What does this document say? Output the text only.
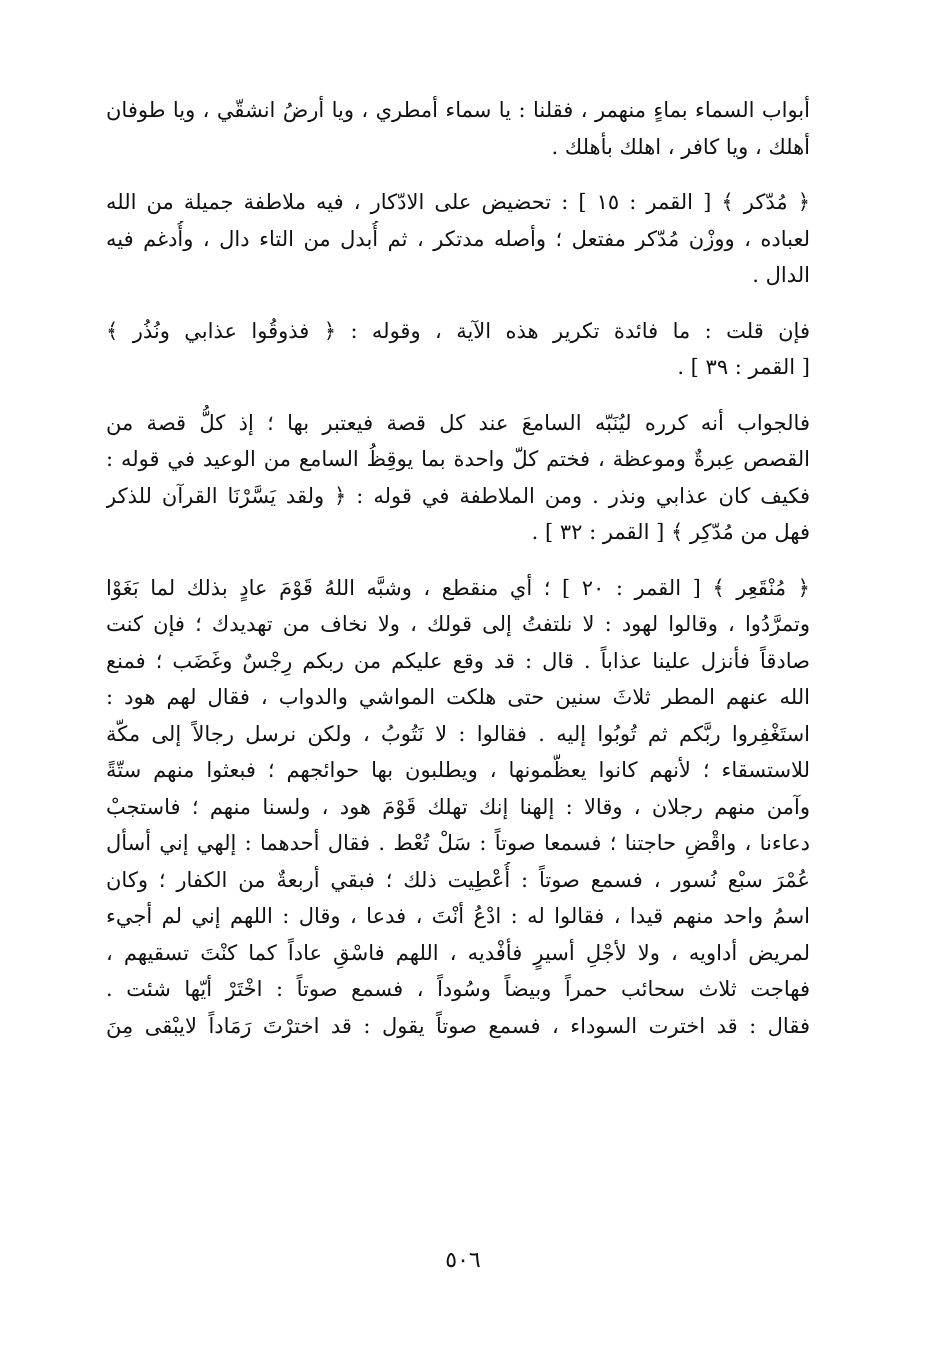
أبواب السماء بماءٍ منهمر ، فقلنا : يا سماء أمطري ، ويا أرضُ انشقّي ، ويا طوفان
أهلك ، ويا كافر ، اهلك بأهلك .
﴿ مُدّكر ﴾ [ القمر : ١٥ ] : تحضيض على الادّكار ، فيه ملاطفة جميلة من الله
لعباده ، ووزْن مُدّكر مفتعل ؛ وأصله مدتكر ، ثم أُبدل من التاء دال ، وأُدغم فيه
الدال .
فإن قلت : ما فائدة تكرير هذه الآية ، وقوله : ﴿ فذوقُوا عذابي ونُذُر ﴾
[ القمر : ٣٩ ] .
فالجواب أنه كرره ليُنَبّه السامعَ عند كل قصة فيعتبر بها ؛ إذ كلُّ قصة من
القصص عِبرةٌ وموعظة ، فختم كلّ واحدة بما يوقِظُ السامع من الوعيد في قوله :
فكيف كان عذابي ونذر . ومن الملاطفة في قوله : ﴿ ولقد يَسَّرْنَا القرآن للذكر
فهل من مُدّكِر ﴾ [ القمر : ٣٢ ] .
﴿ مُنْقَعِر ﴾ [ القمر : ٢٠ ] ؛ أي منقطع ، وشبَّه اللهُ قَوْمَ عادٍ بذلك لما بَغَوْا
وتمرَّدُوا ، وقالوا لهود : لا نلتفتُ إلى قولك ، ولا نخاف من تهديدك ؛ فإن كنت
صادقاً فأنزل علينا عذاباً . قال : قد وقع عليكم من ربكم رِجْسٌ وغَضَب ؛ فمنع
الله عنهم المطر ثلاثَ سنين حتى هلكت المواشي والدواب ، فقال لهم هود :
استَغْفِروا ربَّكم ثم تُوبُوا إليه . فقالوا : لا نَتُوبُ ، ولكن نرسل رجالاً إلى مكّة
للاستسقاء ؛ لأنهم كانوا يعظّمونها ، ويطلبون بها حوائجهم ؛ فبعثوا منهم ستّةً
وآمن منهم رجلان ، وقالا : إلهنا إنك تهلك قَوْمَ هود ، ولسنا منهم ؛ فاستجبْ
دعاءنا ، واقْضِ حاجتنا ؛ فسمعا صوتاً : سَلْ تُعْط . فقال أحدهما : إلهي إني أسأل
عُمْرَ سبْع نُسور ، فسمع صوتاً : أُعْطِيت ذلك ؛ فبقي أربعةٌ من الكفار ؛ وكان
اسمُ واحد منهم قيدا ، فقالوا له : ادْعُ أنْتَ ، فدعا ، وقال : اللهم إني لم أجيء
لمريض أداويه ، ولا لأجْلِ أسيرٍ فأفْديه ، اللهم فاسْقِ عاداً كما كنْتَ تسقيهم ،
فهاجت ثلاث سحائب حمراً وبيضاً وسُوداً ، فسمع صوتاً : اخْتَرْ أيّها شئت .
فقال : قد اخترت السوداء ، فسمع صوتاً يقول : قد اخترْتَ رَمَاداً لايبْقى مِنَ
٥٠٦
